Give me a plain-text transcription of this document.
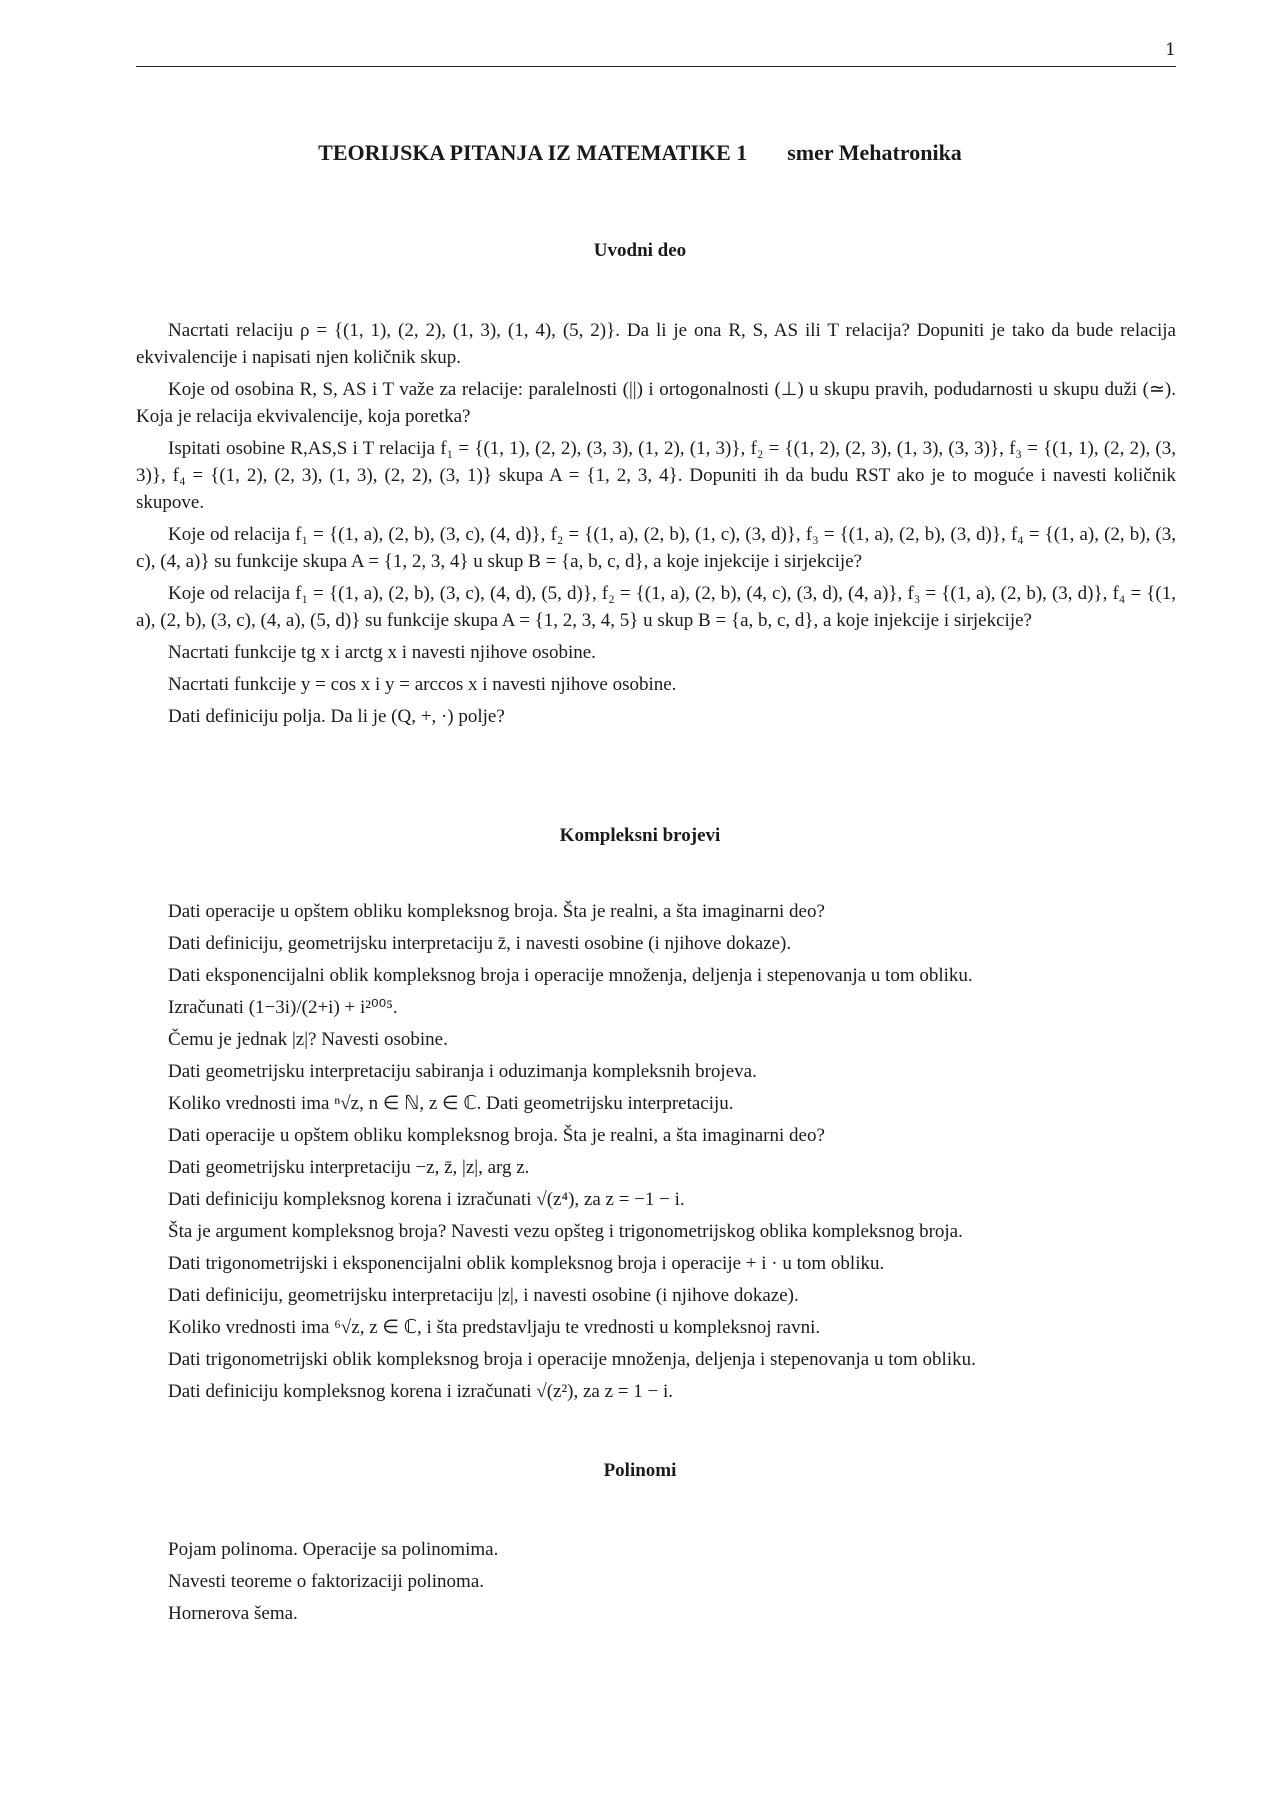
1
TEORIJSKA PITANJA IZ MATEMATIKE 1 smer Mehatronika
Uvodni deo

Nacrtati relaciju ρ = {(1, 1), (2, 2), (1, 3), (1, 4), (5, 2)}. Da li je ona R, S, AS ili T relacija? Dopuniti je tako da bude relacija ekvivalencije i napisati njen količnik skup.

Koje od osobina R, S, AS i T važe za relacije: paralelnosti (||) i ortogonalnosti (⊥) u skupu pravih, podudarnosti u skupu duži (≃). Koja je relacija ekvivalencije, koja poretka?

Ispitati osobine R,AS,S i T relacija f₁ = {(1, 1), (2, 2), (3, 3), (1, 2), (1, 3)}, f₂ = {(1, 2), (2, 3), (1, 3), (3, 3)}, f₃ = {(1, 1), (2, 2), (3, 3)}, f₄ = {(1, 2), (2, 3), (1, 3), (2, 2), (3, 1)} skupa A = {1, 2, 3, 4}. Dopuniti ih da budu RST ako je to moguće i navesti količnik skupove.

Koje od relacija f₁ = {(1, a), (2, b), (3, c), (4, d)}, f₂ = {(1, a), (2, b), (1, c), (3, d)}, f₃ = {(1, a), (2, b), (3, d)}, f₄ = {(1, a), (2, b), (3, c), (4, a)} su funkcije skupa A = {1, 2, 3, 4} u skup B = {a, b, c, d}, a koje injekcije i sirjekcije?

Koje od relacija f₁ = {(1, a), (2, b), (3, c), (4, d), (5, d)}, f₂ = {(1, a), (2, b), (4, c), (3, d), (4, a)}, f₃ = {(1, a), (2, b), (3, d)}, f₄ = {(1, a), (2, b), (3, c), (4, a), (5, d)} su funkcije skupa A = {1, 2, 3, 4, 5} u skup B = {a, b, c, d}, a koje injekcije i sirjekcije?

Nacrtati funkcije tg x i arctg x i navesti njihove osobine.

Nacrtati funkcije y = cos x i y = arccos x i navesti njihove osobine.

Dati definiciju polja. Da li je (Q, +, ·) polje?

Kompleksni brojevi
Dati operacije u opštem obliku kompleksnog broja. Šta je realni, a šta imaginarni deo?
Dati definiciju, geometrijsku interpretaciju z̄, i navesti osobine (i njihove dokaze).
Dati eksponencijalni oblik kompleksnog broja i operacije množenja, deljenja i stepenovanja u tom obliku.
Izračunati (1−3i)/(2+i) + i²⁰⁰⁵.
Čemu je jednak |z|? Navesti osobine.
Dati geometrijsku interpretaciju sabiranja i oduzimanja kompleksnih brojeva.
Koliko vrednosti ima ⁿ√z, n ∈ ℕ, z ∈ ℂ. Dati geometrijsku interpretaciju.
Dati operacije u opštem obliku kompleksnog broja. Šta je realni, a šta imaginarni deo?
Dati geometrijsku interpretaciju −z, z̄, |z|, arg z.
Dati definiciju kompleksnog korena i izračunati √(z⁴), za z = −1 − i.
Šta je argument kompleksnog broja? Navesti vezu opšteg i trigonometrijskog oblika kompleksnog broja.
Dati trigonometrijski i eksponencijalni oblik kompleksnog broja i operacije + i · u tom obliku.
Dati definiciju, geometrijsku interpretaciju |z|, i navesti osobine (i njihove dokaze).
Koliko vrednosti ima ⁶√z, z ∈ ℂ, i šta predstavljaju te vrednosti u kompleksnoj ravni.
Dati trigonometrijski oblik kompleksnog broja i operacije množenja, deljenja i stepenovanja u tom obliku.
Dati definiciju kompleksnog korena i izračunati √(z²), za z = 1 − i.
Polinomi
Pojam polinoma. Operacije sa polinomima.
Navesti teoreme o faktorizaciji polinoma.
Hornerova šema.
